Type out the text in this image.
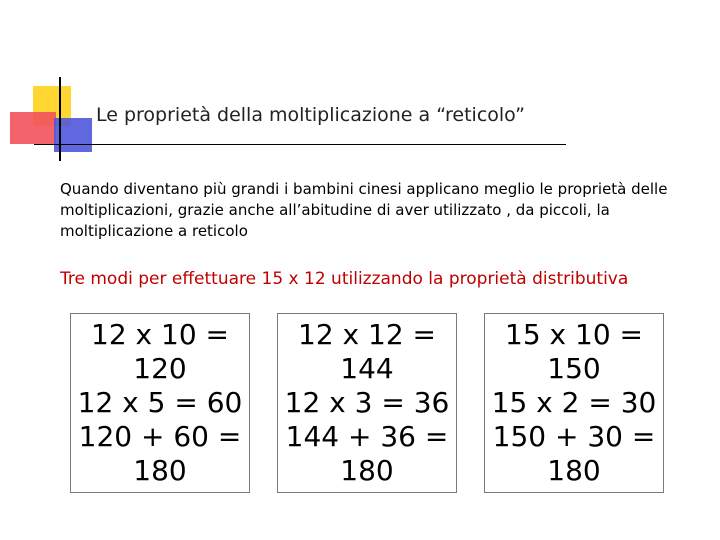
Le proprietà della moltiplicazione a “reticolo”
Quando diventano più grandi i bambini cinesi applicano meglio le proprietà delle moltiplicazioni, grazie anche all’abitudine di aver utilizzato , da piccoli, la moltiplicazione a reticolo
Tre modi per effettuare 15 x 12 utilizzando la proprietà distributiva
12 x 10 =
120
12 x 5 = 60
120 + 60 =
180
12 x 12 =
144
12 x 3 = 36
144 + 36 =
180
15 x 10 =
150
15 x 2 = 30
150 + 30 =
180
